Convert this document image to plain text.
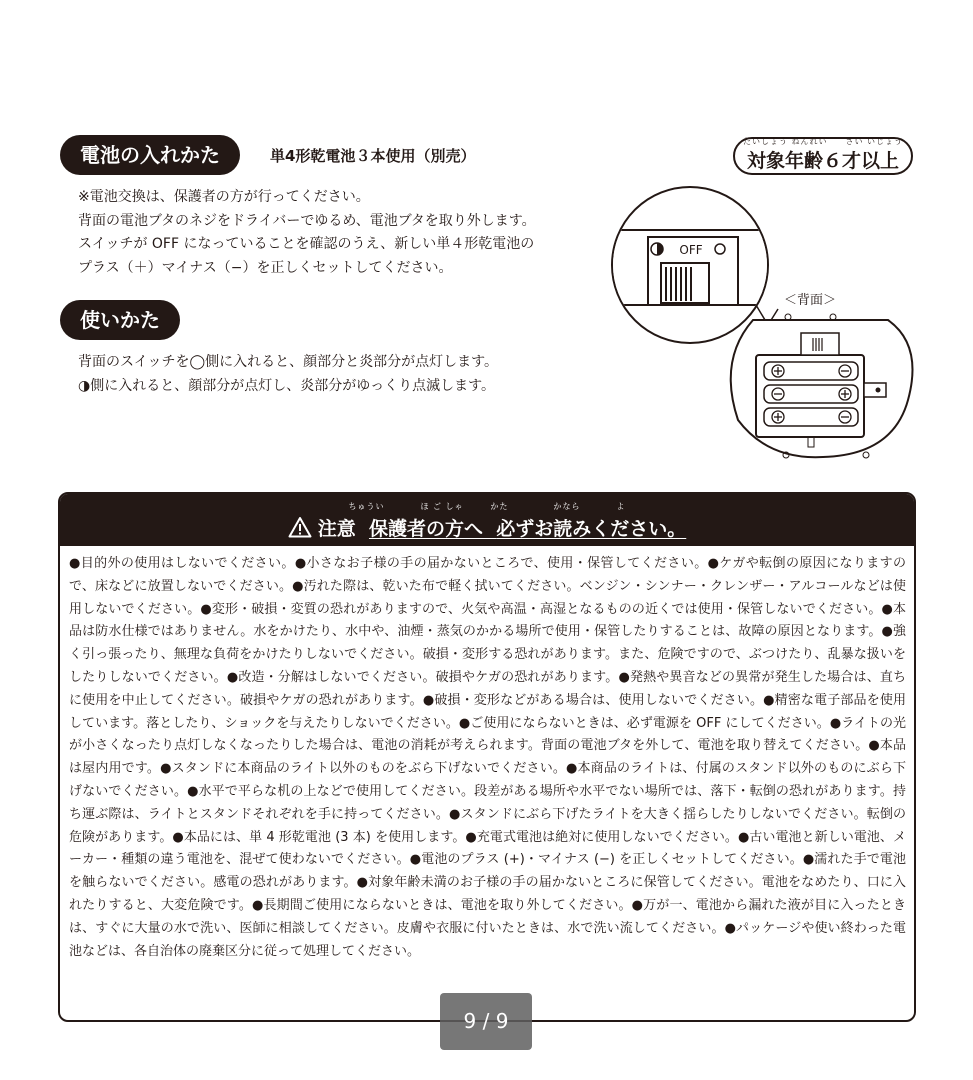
電池の入れかた	単4形乾電池３本使用（別売）
たいしょう ねんれい　　さい いじょう
対象年齢６才以上
※電池交換は、保護者の方が行ってください。
背面の電池ブタのネジをドライバーでゆるめ、電池ブタを取り外します。
スイッチが OFF になっていることを確認のうえ、新しい単４形乾電池の
プラス（＋）マイナス（−）を正しくセットしてください。
使いかた
背面のスイッチを◯側に入れると、顔部分と炎部分が点灯します。
◑側に入れると、顔部分が点灯し、炎部分がゆっくり点滅します。
OFF
＜背面＞
ちゅうい　　　　ほ ご しゃ　　　かた　　　　　かなら　　　　よ
注意 保護者の方へ 必ずお読みください。
●目的外の使用はしないでください。●小さなお子様の手の届かないところで、使用・保管してください。●ケガや転倒の原因になりますので、床などに放置しないでください。●汚れた際は、乾いた布で軽く拭いてください。ベンジン・シンナー・クレンザー・アルコールなどは使用しないでください。●変形・破損・変質の恐れがありますので、火気や高温・高湿となるものの近くでは使用・保管しないでください。●本品は防水仕様ではありません。水をかけたり、水中や、油煙・蒸気のかかる場所で使用・保管したりすることは、故障の原因となります。●強く引っ張ったり、無理な負荷をかけたりしないでください。破損・変形する恐れがあります。また、危険ですので、ぶつけたり、乱暴な扱いをしたりしないでください。●改造・分解はしないでください。破損やケガの恐れがあります。●発熱や異音などの異常が発生した場合は、直ちに使用を中止してください。破損やケガの恐れがあります。●破損・変形などがある場合は、使用しないでください。●精密な電子部品を使用しています。落としたり、ショックを与えたりしないでください。●ご使用にならないときは、必ず電源を OFF にしてください。●ライトの光が小さくなったり点灯しなくなったりした場合は、電池の消耗が考えられます。背面の電池ブタを外して、電池を取り替えてください。●本品は屋内用です。●スタンドに本商品のライト以外のものをぶら下げないでください。●本商品のライトは、付属のスタンド以外のものにぶら下げないでください。●水平で平らな机の上などで使用してください。段差がある場所や水平でない場所では、落下・転倒の恐れがあります。持ち運ぶ際は、ライトとスタンドそれぞれを手に持ってください。●スタンドにぶら下げたライトを大きく揺らしたりしないでください。転倒の危険があります。●本品には、単 4 形乾電池 (3 本) を使用します。●充電式電池は絶対に使用しないでください。●古い電池と新しい電池、メーカー・種類の違う電池を、混ぜて使わないでください。●電池のプラス (+)・マイナス (−) を正しくセットしてください。●濡れた手で電池を触らないでください。感電の恐れがあります。●対象年齢未満のお子様の手の届かないところに保管してください。電池をなめたり、口に入れたりすると、大変危険です。●長期間ご使用にならないときは、電池を取り外してください。●万が一、電池から漏れた液が目に入ったときは、すぐに大量の水で洗い、医師に相談してください。皮膚や衣服に付いたときは、水で洗い流してください。●パッケージや使い終わった電池などは、各自治体の廃棄区分に従って処理してください。
9 / 9
